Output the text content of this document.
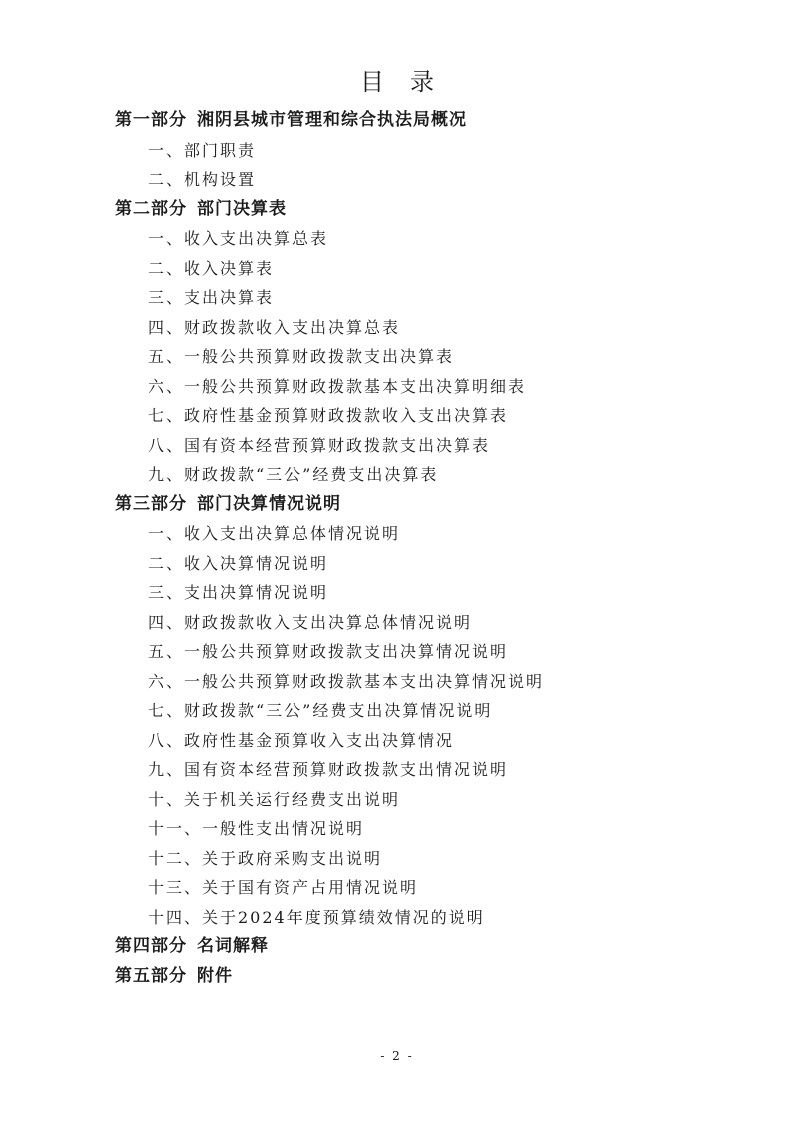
目录
第一部分 湘阴县城市管理和综合执法局概况
一、部门职责
二、机构设置
第二部分 部门决算表
一、收入支出决算总表
二、收入决算表
三、支出决算表
四、财政拨款收入支出决算总表
五、一般公共预算财政拨款支出决算表
六、一般公共预算财政拨款基本支出决算明细表
七、政府性基金预算财政拨款收入支出决算表
八、国有资本经营预算财政拨款支出决算表
九、财政拨款“三公”经费支出决算表
第三部分 部门决算情况说明
一、收入支出决算总体情况说明
二、收入决算情况说明
三、支出决算情况说明
四、财政拨款收入支出决算总体情况说明
五、一般公共预算财政拨款支出决算情况说明
六、一般公共预算财政拨款基本支出决算情况说明
七、财政拨款“三公”经费支出决算情况说明
八、政府性基金预算收入支出决算情况
九、国有资本经营预算财政拨款支出情况说明
十、关于机关运行经费支出说明
十一、一般性支出情况说明
十二、关于政府采购支出说明
十三、关于国有资产占用情况说明
十四、关于2024年度预算绩效情况的说明
第四部分 名词解释
第五部分 附件
- 2 -
